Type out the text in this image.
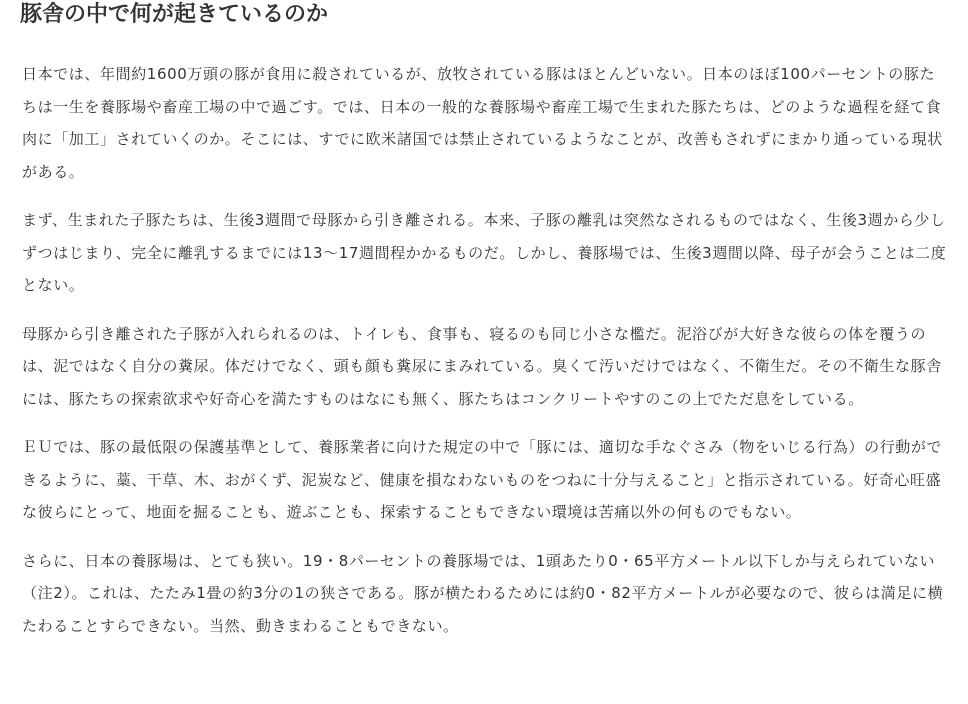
豚舎の中で何が起きているのか

日本では、年間約1600万頭の豚が食用に殺されているが、放牧されている豚はほとんどいない。日本のほぼ100パーセントの豚たちは一生を養豚場や畜産工場の中で過ごす。では、日本の一般的な養豚場や畜産工場で生まれた豚たちは、どのような過程を経て食肉に「加工」されていくのか。そこには、すでに欧米諸国では禁止されているようなことが、改善もされずにまかり通っている現状がある。

まず、生まれた子豚たちは、生後3週間で母豚から引き離される。本来、子豚の離乳は突然なされるものではなく、生後3週から少しずつはじまり、完全に離乳するまでには13〜17週間程かかるものだ。しかし、養豚場では、生後3週間以降、母子が会うことは二度とない。

母豚から引き離された子豚が入れられるのは、トイレも、食事も、寝るのも同じ小さな檻だ。泥浴びが大好きな彼らの体を覆うのは、泥ではなく自分の糞尿。体だけでなく、頭も顔も糞尿にまみれている。臭くて汚いだけではなく、不衛生だ。その不衛生な豚舎には、豚たちの探索欲求や好奇心を満たすものはなにも無く、豚たちはコンクリートやすのこの上でただ息をしている。

ＥＵでは、豚の最低限の保護基準として、養豚業者に向けた規定の中で「豚には、適切な手なぐさみ（物をいじる行為）の行動ができるように、藁、干草、木、おがくず、泥炭など、健康を損なわないものをつねに十分与えること」と指示されている。好奇心旺盛な彼らにとって、地面を掘ることも、遊ぶことも、探索することもできない環境は苦痛以外の何ものでもない。

さらに、日本の養豚場は、とても狭い。19・8パーセントの養豚場では、1頭あたり0・65平方メートル以下しか与えられていない（注2）。これは、たたみ1畳の約3分の1の狭さである。豚が横たわるためには約0・82平方メートルが必要なので、彼らは満足に横たわることすらできない。当然、動きまわることもできない。
